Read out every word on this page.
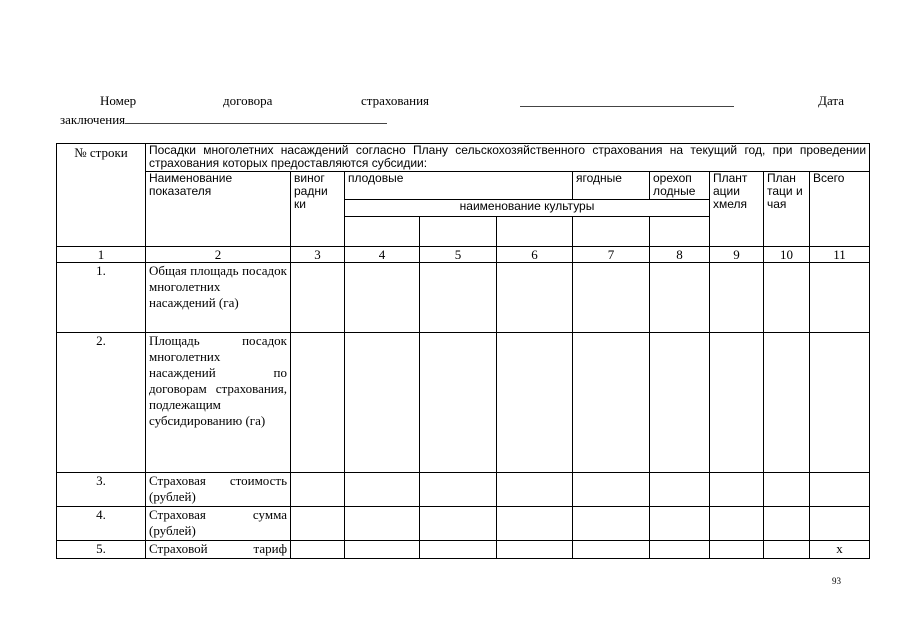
Номер	договора	страхования	Дата
заключения
№ строки	Посадки многолетних насаждений согласно Плану сельскохозяйственного страхования на текущий год, при проведении страхования которых предоставляются субсидии:									
	Наименование показателя	виног радни ки	плодовые			ягодные	орехоп лодные	Плант ации хмеля	План таци и чая	Всего
			наименование культуры							

1	2	3	4	5	6	7	8	9	10	11
1.	Общая площадь посадок многолетних насаждений (га)									
2.	Площадь посадок многолетних насаждений по договорам страхования, подлежащим субсидированию (га)									
3.	Страховая стоимость (рублей)									
4.	Страховая сумма (рублей)									
5.	Страховой тариф									х
93
